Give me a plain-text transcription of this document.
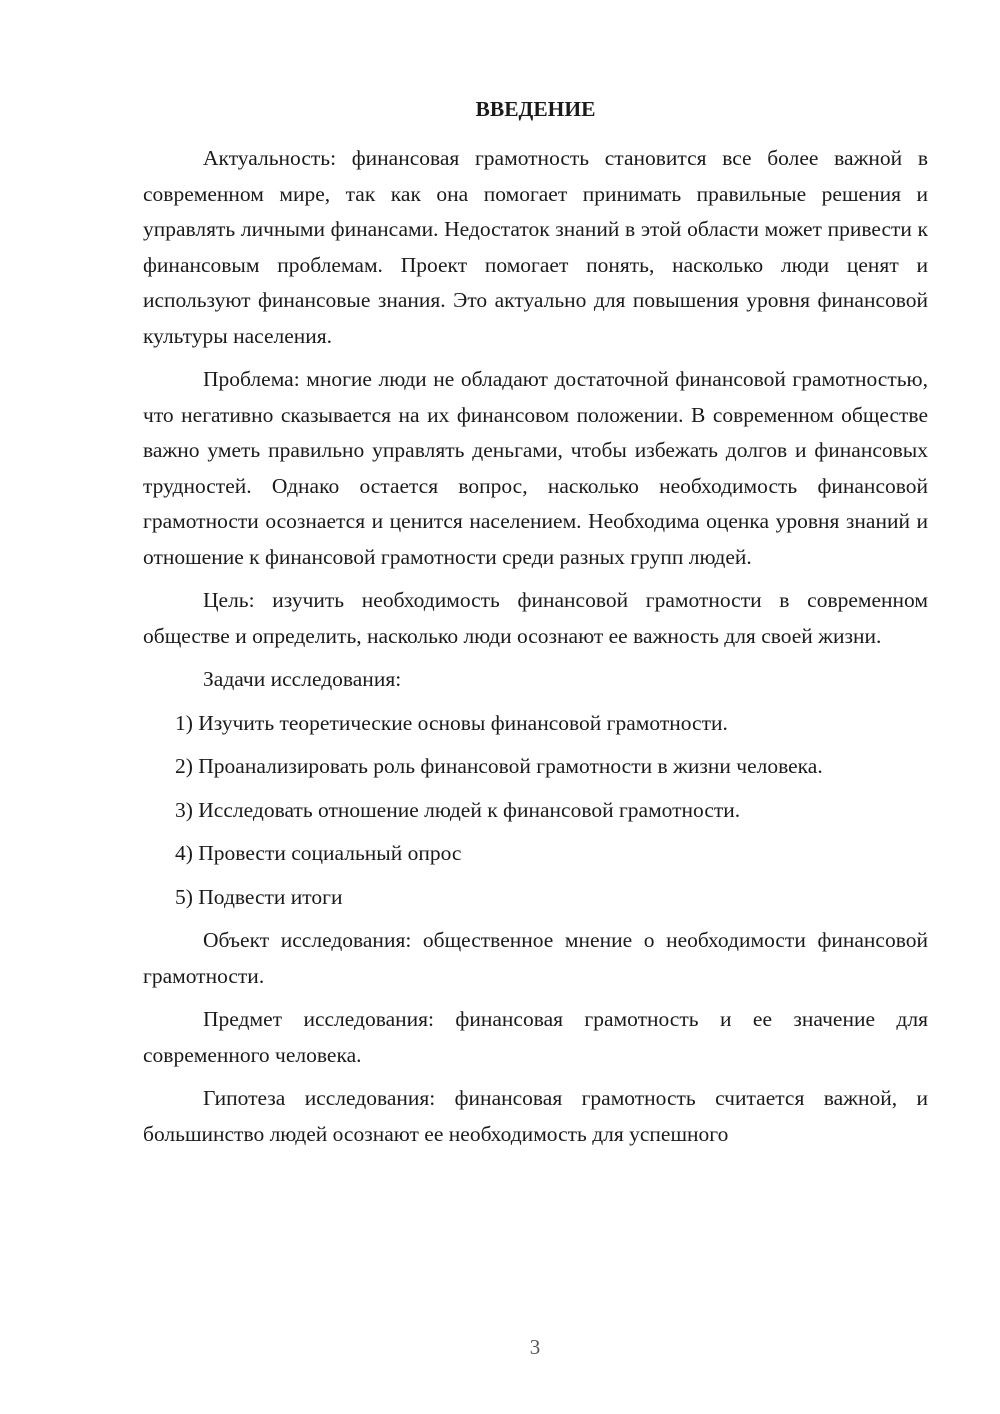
ВВЕДЕНИЕ

Актуальность: финансовая грамотность становится все более важной в современном мире, так как она помогает принимать правильные решения и управлять личными финансами. Недостаток знаний в этой области может привести к финансовым проблемам. Проект помогает понять, насколько люди ценят и используют финансовые знания. Это актуально для повышения уровня финансовой культуры населения.

Проблема: многие люди не обладают достаточной финансовой грамотностью, что негативно сказывается на их финансовом положении. В современном обществе важно уметь правильно управлять деньгами, чтобы избежать долгов и финансовых трудностей. Однако остается вопрос, насколько необходимость финансовой грамотности осознается и ценится населением. Необходима оценка уровня знаний и отношение к финансовой грамотности среди разных групп людей.

Цель: изучить необходимость финансовой грамотности в современном обществе и определить, насколько люди осознают ее важность для своей жизни.

Задачи исследования:

1) Изучить теоретические основы финансовой грамотности.

2) Проанализировать роль финансовой грамотности в жизни человека.

3) Исследовать отношение людей к финансовой грамотности.

4) Провести социальный опрос

5) Подвести итоги

Объект исследования: общественное мнение о необходимости финансовой грамотности.

Предмет исследования: финансовая грамотность и ее значение для современного человека.

Гипотеза исследования: финансовая грамотность считается важной, и большинство людей осознают ее необходимость для успешного

3
